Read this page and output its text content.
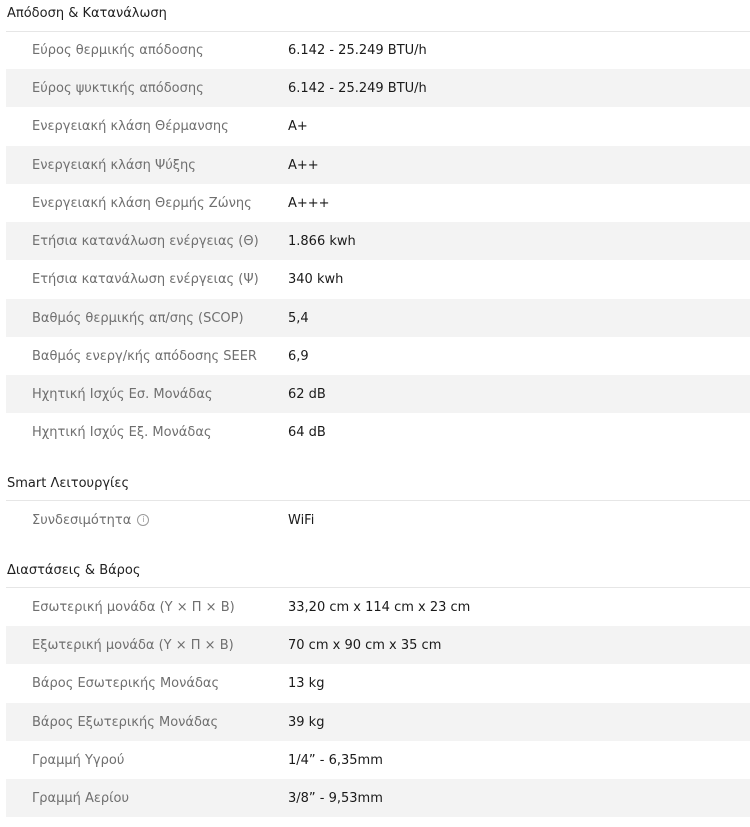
Απόδοση & Κατανάλωση
Εύρος θερμικής απόδοσης	6.142 - 25.249 BTU/h
Εύρος ψυκτικής απόδοσης	6.142 - 25.249 BTU/h
Ενεργειακή κλάση Θέρμανσης	A+
Ενεργειακή κλάση Ψύξης	A++
Ενεργειακή κλάση Θερμής Ζώνης	A+++
Ετήσια κατανάλωση ενέργειας (Θ) 1.866 kwh
Ετήσια κατανάλωση ενέργειας (Ψ) 340 kwh
Βαθμός θερμικής απ/σης (SCOP)	5,4
Βαθμός ενεργ/κής απόδοσης SEER 6,9
Ηχητική Ισχύς Εσ. Μονάδας	62 dB
Ηχητική Ισχύς Εξ. Μονάδας	64 dB
Smart Λειτουργίες
Συνδεσιμότητα	i	WiFi
Διαστάσεις & Βάρος
Εσωτερική μονάδα (Υ × Π × Β)	33,20 cm x 114 cm x 23 cm
Εξωτερική μονάδα (Υ × Π × Β)	70 cm x 90 cm x 35 cm
Βάρος Εσωτερικής Μονάδας	13 kg
Βάρος Εξωτερικής Μονάδας	39 kg
Γραμμή Υγρού	1/4” - 6,35mm
Γραμμή Αερίου	3/8” - 9,53mm
